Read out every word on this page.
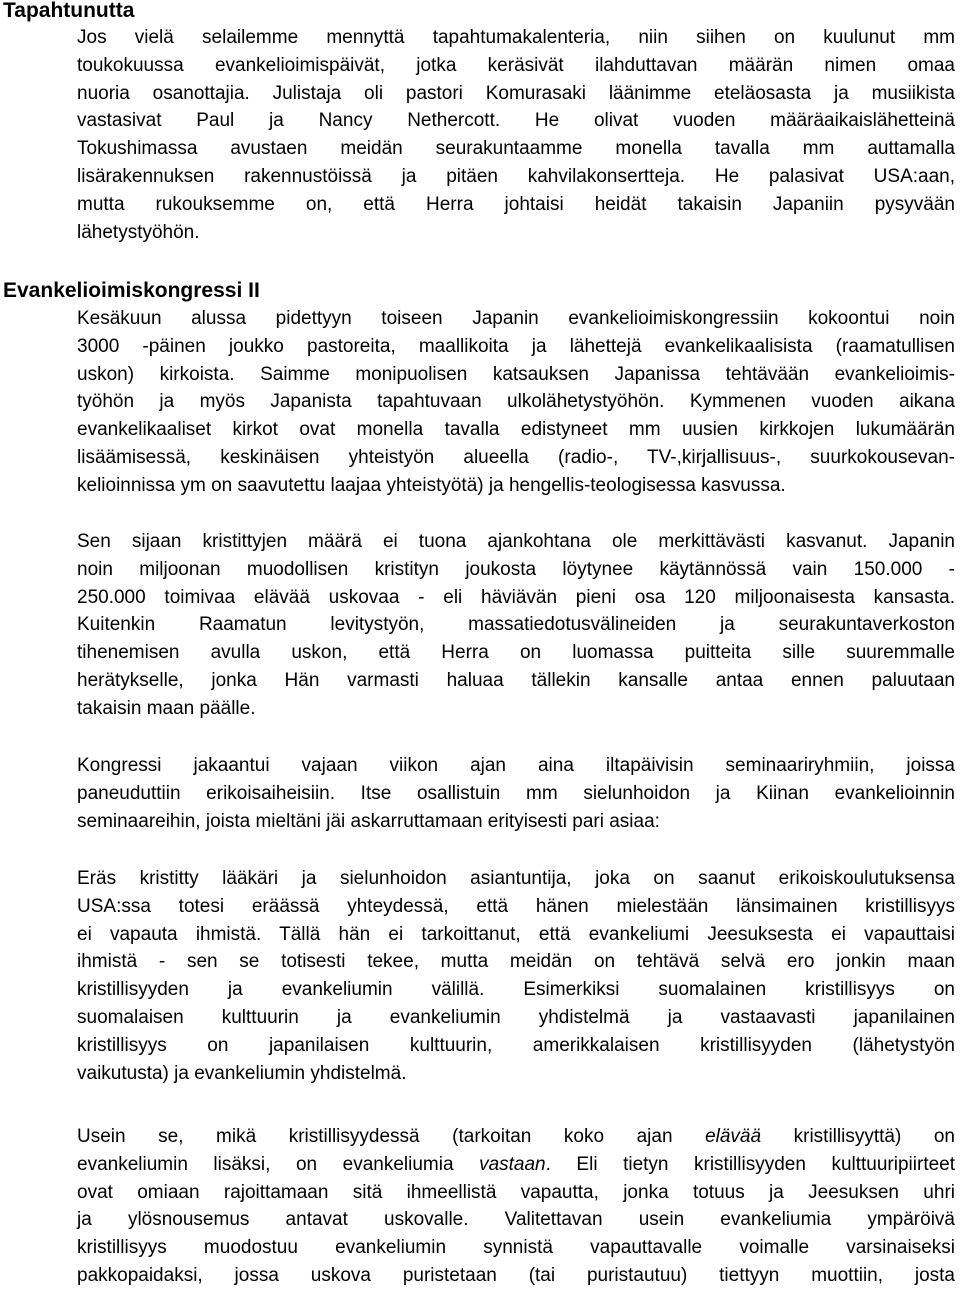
Tapahtunutta
Jos vielä selailemme mennyttä tapahtumakalenteria, niin siihen on kuulunut mm
toukokuussa evankelioimispäivät, jotka keräsivät ilahduttavan määrän nimen omaa
nuoria osanottajia. Julistaja oli pastori Komurasaki läänimme eteläosasta ja musiikista
vastasivat Paul ja Nancy Nethercott. He olivat vuoden määräaikaislähetteinä
Tokushimassa avustaen meidän seurakuntaamme monella tavalla mm auttamalla
lisärakennuksen rakennustöissä ja pitäen kahvilakonsertteja. He palasivat USA:aan,
mutta rukouksemme on, että Herra johtaisi heidät takaisin Japaniin pysyvään
lähetystyöhön.
Evankelioimiskongressi II
Kesäkuun alussa pidettyyn toiseen Japanin evankelioimiskongressiin kokoontui noin
3000 -päinen joukko pastoreita, maallikoita ja lähettejä evankelikaalisista (raamatullisen
uskon) kirkoista. Saimme monipuolisen katsauksen Japanissa tehtävään evankelioimis-
työhön ja myös Japanista tapahtuvaan ulkolähetystyöhön. Kymmenen vuoden aikana
evankelikaaliset kirkot ovat monella tavalla edistyneet mm uusien kirkkojen lukumäärän
lisäämisessä, keskinäisen yhteistyön alueella (radio-, TV-,kirjallisuus-, suurkokousevan-
kelioinnissa ym on saavutettu laajaa yhteistyötä) ja hengellis-teologisessa kasvussa.
Sen sijaan kristittyjen määrä ei tuona ajankohtana ole merkittävästi kasvanut. Japanin
noin miljoonan muodollisen kristityn joukosta löytynee käytännössä vain 150.000 -
250.000 toimivaa elävää uskovaa - eli häviävän pieni osa 120 miljoonaisesta kansasta.
Kuitenkin Raamatun levitystyön, massatiedotusvälineiden ja seurakuntaverkoston
tihenemisen avulla uskon, että Herra on luomassa puitteita sille suuremmalle
herätykselle, jonka Hän varmasti haluaa tällekin kansalle antaa ennen paluutaan
takaisin maan päälle.
Kongressi jakaantui vajaan viikon ajan aina iltapäivisin seminaariryhmiin, joissa
paneuduttiin erikoisaiheisiin. Itse osallistuin mm sielunhoidon ja Kiinan evankelioinnin
seminaareihin, joista mieltäni jäi askarruttamaan erityisesti pari asiaa:
Eräs kristitty lääkäri ja sielunhoidon asiantuntija, joka on saanut erikoiskoulutuksensa
USA:ssa totesi eräässä yhteydessä, että hänen mielestään länsimainen kristillisyys
ei vapauta ihmistä. Tällä hän ei tarkoittanut, että evankeliumi Jeesuksesta ei vapauttaisi
ihmistä - sen se totisesti tekee, mutta meidän on tehtävä selvä ero jonkin maan
kristillisyyden ja evankeliumin välillä. Esimerkiksi suomalainen kristillisyys on
suomalaisen kulttuurin ja evankeliumin yhdistelmä ja vastaavasti japanilainen
kristillisyys on japanilaisen kulttuurin, amerikkalaisen kristillisyyden (lähetystyön
vaikutusta) ja evankeliumin yhdistelmä.
Usein se, mikä kristillisyydessä (tarkoitan koko ajan elävää kristillisyyttä) on
evankeliumin lisäksi, on evankeliumia vastaan. Eli tietyn kristillisyyden kulttuuripiirteet
ovat omiaan rajoittamaan sitä ihmeellistä vapautta, jonka totuus ja Jeesuksen uhri
ja ylösnousemus antavat uskovalle. Valitettavan usein evankeliumia ympäröivä
kristillisyys muodostuu evankeliumin synnistä vapauttavalle voimalle varsinaiseksi
pakkopaidaksi, jossa uskova puristetaan (tai puristautuu) tiettyyn muottiin, josta
